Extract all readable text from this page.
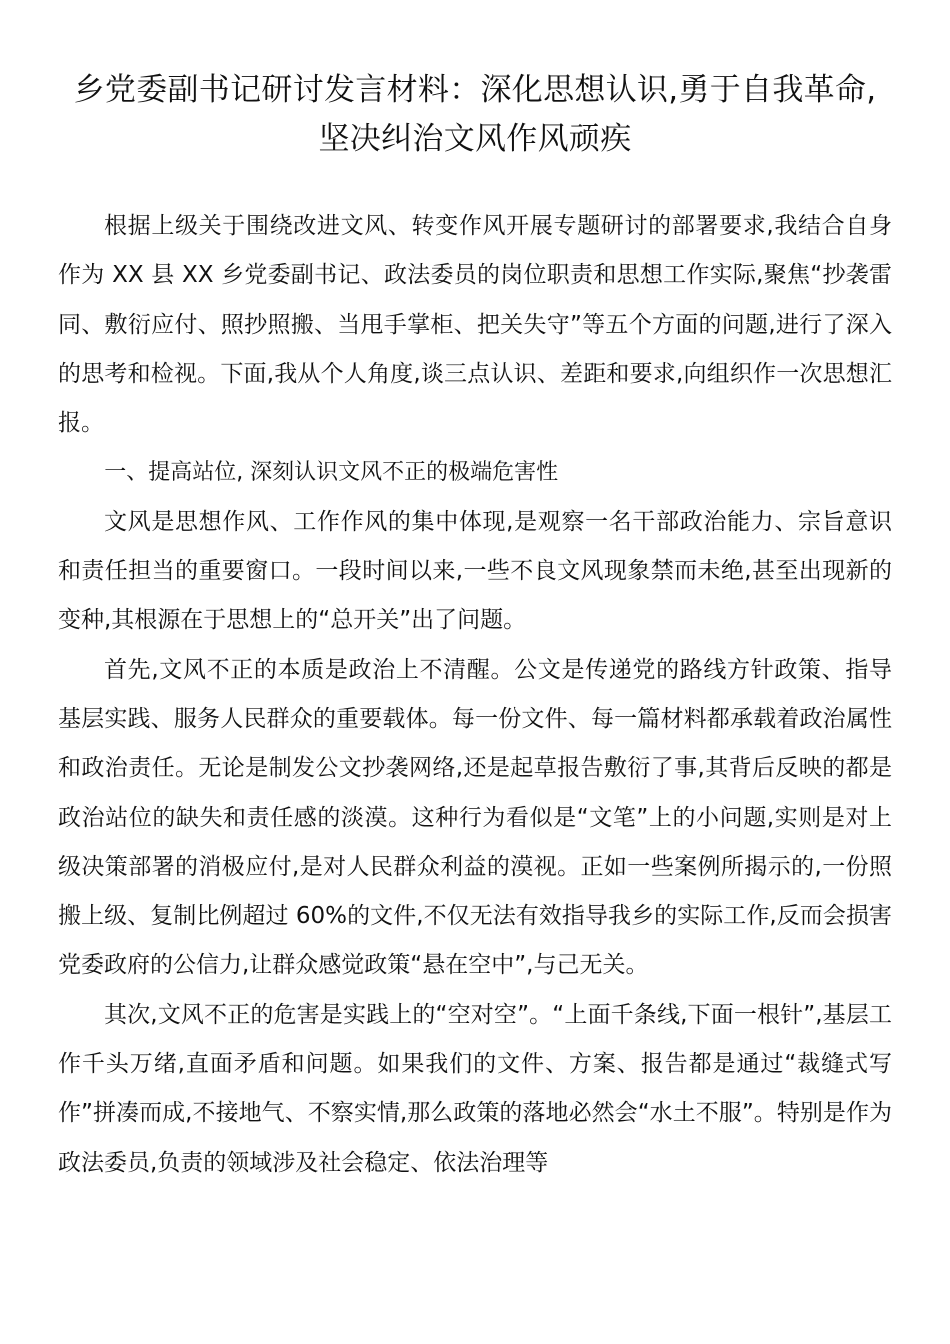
乡党委副书记研讨发言材料：深化思想认识,勇于自我革命,坚决纠治文风作风顽疾

根据上级关于围绕改进文风、转变作风开展专题研讨的部署要求,我结合自身作为 XX 县 XX 乡党委副书记、政法委员的岗位职责和思想工作实际,聚焦“抄袭雷同、敷衍应付、照抄照搬、当甩手掌柜、把关失守”等五个方面的问题,进行了深入的思考和检视。下面,我从个人角度,谈三点认识、差距和要求,向组织作一次思想汇报。

一、提高站位, 深刻认识文风不正的极端危害性

文风是思想作风、工作作风的集中体现,是观察一名干部政治能力、宗旨意识和责任担当的重要窗口。一段时间以来,一些不良文风现象禁而未绝,甚至出现新的变种,其根源在于思想上的“总开关”出了问题。

首先,文风不正的本质是政治上不清醒。公文是传递党的路线方针政策、指导基层实践、服务人民群众的重要载体。每一份文件、每一篇材料都承载着政治属性和政治责任。无论是制发公文抄袭网络,还是起草报告敷衍了事,其背后反映的都是政治站位的缺失和责任感的淡漠。这种行为看似是“文笔”上的小问题,实则是对上级决策部署的消极应付,是对人民群众利益的漠视。正如一些案例所揭示的,一份照搬上级、复制比例超过 60%的文件,不仅无法有效指导我乡的实际工作,反而会损害党委政府的公信力,让群众感觉政策“悬在空中”,与己无关。

其次,文风不正的危害是实践上的“空对空”。“上面千条线,下面一根针”,基层工作千头万绪,直面矛盾和问题。如果我们的文件、方案、报告都是通过“裁缝式写作”拼凑而成,不接地气、不察实情,那么政策的落地必然会“水土不服”。特别是作为政法委员,负责的领域涉及社会稳定、依法治理等
